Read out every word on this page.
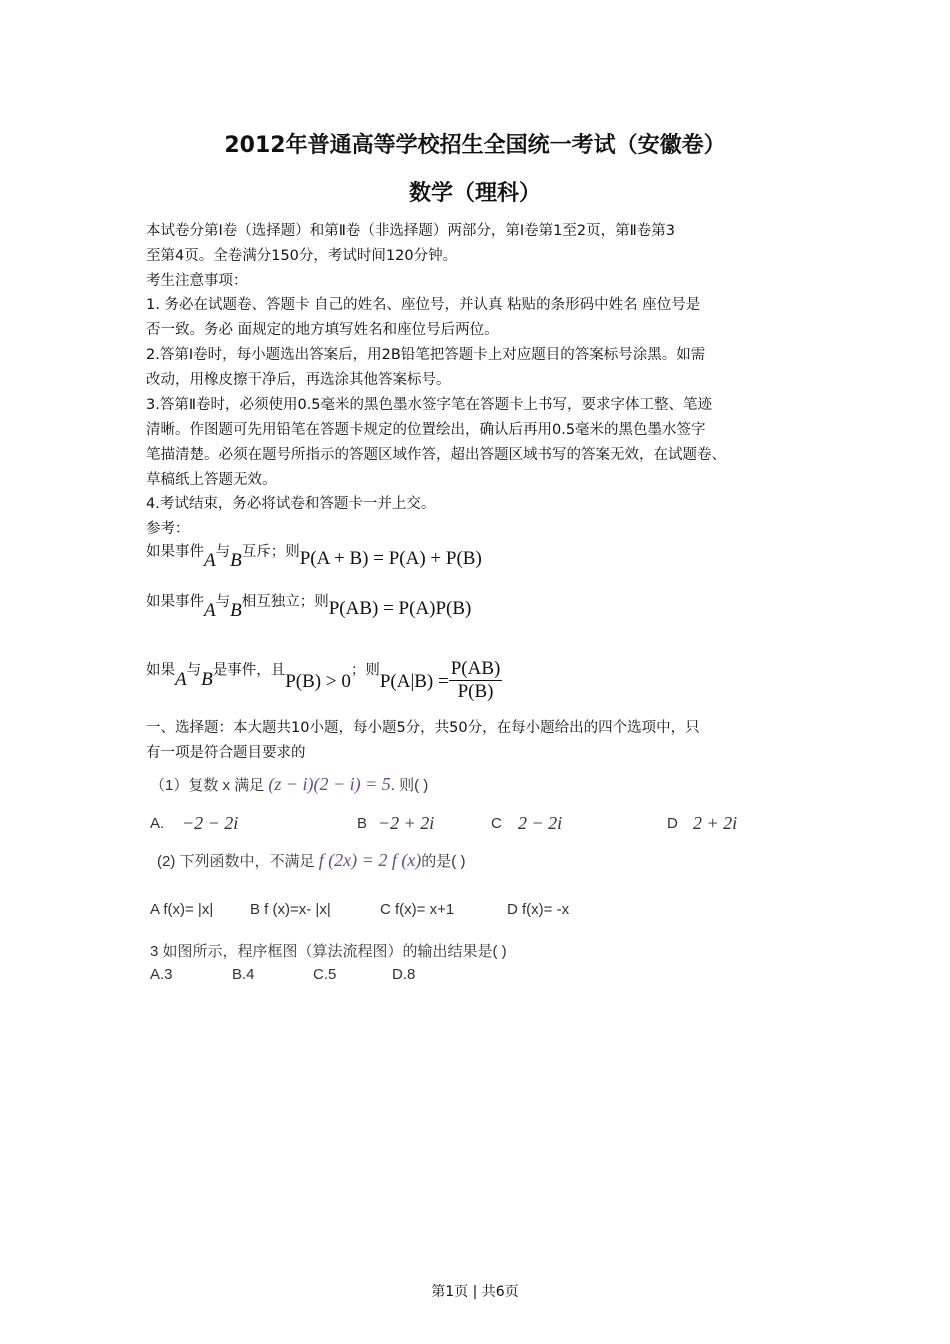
2012年普通高等学校招生全国统一考试（安徽卷）
数学（理科）
本试卷分第Ⅰ卷（选择题）和第Ⅱ卷（非选择题）两部分，第Ⅰ卷第1至2页，第Ⅱ卷第3
至第4页。全卷满分150分，考试时间120分钟。
考生注意事项：
1. 务必在试题卷、答题卡 自己的姓名、座位号，并认真 粘贴的条形码中姓名 座位号是
否一致。务必 面规定的地方填写姓名和座位号后两位。
2.答第Ⅰ卷时，每小题选出答案后，用2B铅笔把答题卡上对应题目的答案标号涂黑。如需
改动，用橡皮擦干净后，再选涂其他答案标号。
3.答第Ⅱ卷时，必须使用0.5毫米的黑色墨水签字笔在答题卡上书写，要求字体工整、笔迹
清晰。作图题可先用铅笔在答题卡规定的位置绘出，确认后再用0.5毫米的黑色墨水签字
笔描清楚。必须在题号所指示的答题区域作答，超出答题区域书写的答案无效，在试题卷、
草稿纸上答题无效。
4.考试结束，务必将试卷和答题卡一并上交。
参考：
如果事件A与B互斥；则P(A + B) = P(A) + P(B)
如果事件A与B相互独立；则P(AB) = P(A)P(B)
如果A与B是事件，且P(B) > 0；则$P(A|B) = \frac{P(AB)}{P(B)}$
一、选择题：本大题共10小题，每小题5分，共50分，在每小题给出的四个选项中，只
有一项是符合题目要求的
（1）复数 x 满足 (z − i)(2 − i) = 5. 则( )
A. −2 − 2i	B −2 + 2i	C 2 − 2i	D 2 + 2i
(2) 下列函数中，不满足 f (2x) = 2 f (x)的是( )
A f(x)= |x| B f (x)=x- |x|	C f(x)= x+1	D f(x)= -x
3 如图所示，程序框图（算法流程图）的输出结果是( )
A.3	B.4	C.5	D.8
第1页 | 共6页
